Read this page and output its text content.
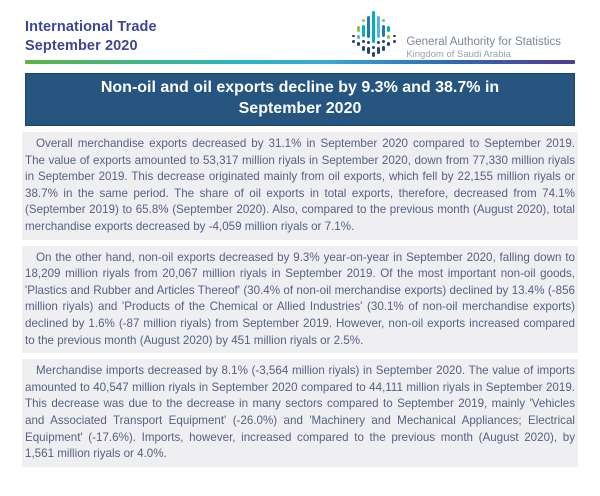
International Trade
September 2020	General Authority for Statistics
Kingdom of Saudi Arabia
Non-oil and oil exports decline by 9.3% and 38.7% in September 2020

Overall merchandise exports decreased by 31.1% in September 2020 compared to September 2019. The value of exports amounted to 53,317 million riyals in September 2020, down from 77,330 million riyals in September 2019. This decrease originated mainly from oil exports, which fell by 22,155 million riyals or 38.7% in the same period. The share of oil exports in total exports, therefore, decreased from 74.1% (September 2019) to 65.8% (September 2020). Also, compared to the previous month (August 2020), total merchandise exports decreased by -4,059 million riyals or 7.1%.

On the other hand, non-oil exports decreased by 9.3% year-on-year in September 2020, falling down to 18,209 million riyals from 20,067 million riyals in September 2019. Of the most important non-oil goods, 'Plastics and Rubber and Articles Thereof' (30.4% of non-oil merchandise exports) declined by 13.4% (-856 million riyals) and 'Products of the Chemical or Allied Industries' (30.1% of non-oil merchandise exports) declined by 1.6% (-87 million riyals) from September 2019. However, non-oil exports increased compared to the previous month (August 2020) by 451 million riyals or 2.5%.

Merchandise imports decreased by 8.1% (-3,564 million riyals) in September 2020. The value of imports amounted to 40,547 million riyals in September 2020 compared to 44,111 million riyals in September 2019. This decrease was due to the decrease in many sectors compared to September 2019, mainly 'Vehicles and Associated Transport Equipment' (-26.0%) and 'Machinery and Mechanical Appliances; Electrical Equipment' (-17.6%). Imports, however, increased compared to the previous month (August 2020), by 1,561 million riyals or 4.0%.
